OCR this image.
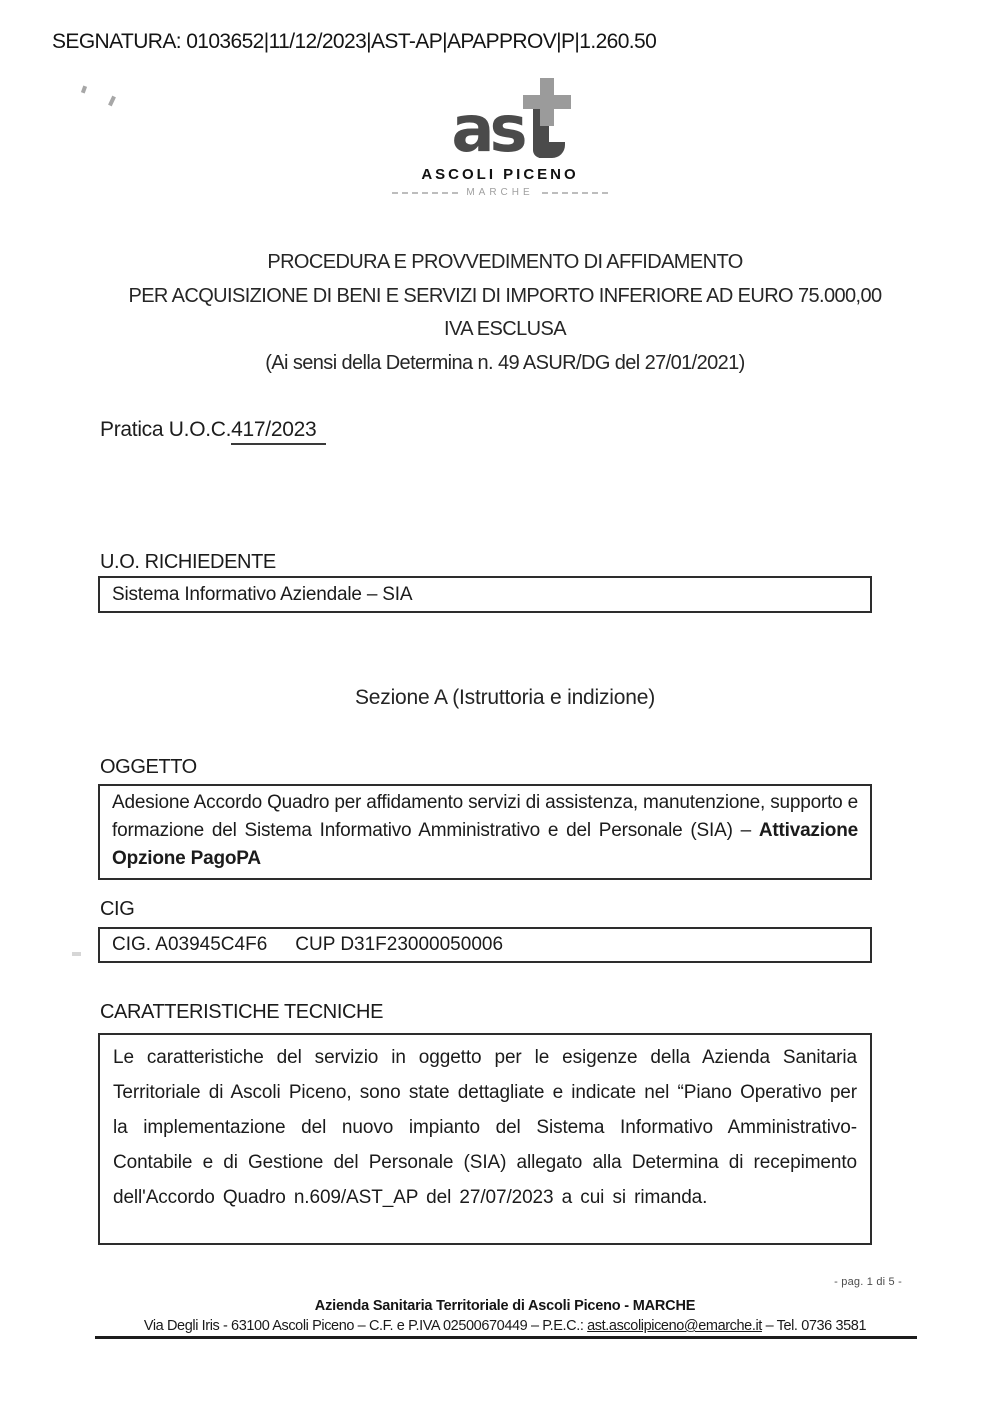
SEGNATURA: 0103652|11/12/2023|AST-AP|APAPPROV|P|1.260.50
as
ASCOLI PICENO
MARCHE
PROCEDURA E PROVVEDIMENTO DI AFFIDAMENTO
PER ACQUISIZIONE DI BENI E SERVIZI DI IMPORTO INFERIORE AD EURO 75.000,00
IVA ESCLUSA
(Ai sensi della Determina n. 49 ASUR/DG del 27/01/2021)
Pratica U.O.C.417/2023
U.O. RICHIEDENTE
Sistema Informativo Aziendale – SIA
Sezione A (Istruttoria e indizione)
OGGETTO
Adesione Accordo Quadro per affidamento servizi di assistenza, manutenzione, supporto e formazione del Sistema Informativo Amministrativo e del Personale (SIA) – Attivazione Opzione PagoPA
CIG
CIG. A03945C4F6 CUP D31F23000050006
CARATTERISTICHE TECNICHE

Le caratteristiche del servizio in oggetto per le esigenze della Azienda Sanitaria Territoriale di Ascoli Piceno, sono state dettagliate e indicate nel “Piano Operativo per la implementazione del nuovo impianto del Sistema Informativo Amministrativo-Contabile e di Gestione del Personale (SIA) allegato alla Determina di recepimento dell'Accordo Quadro n.609/AST_AP del 27/07/2023 a cui si rimanda.

- pag. 1 di 5 -
Azienda Sanitaria Territoriale di Ascoli Piceno - MARCHE
Via Degli Iris - 63100 Ascoli Piceno – C.F. e P.IVA 02500670449 – P.E.C.: ast.ascolipiceno@emarche.it – Tel. 0736 3581
